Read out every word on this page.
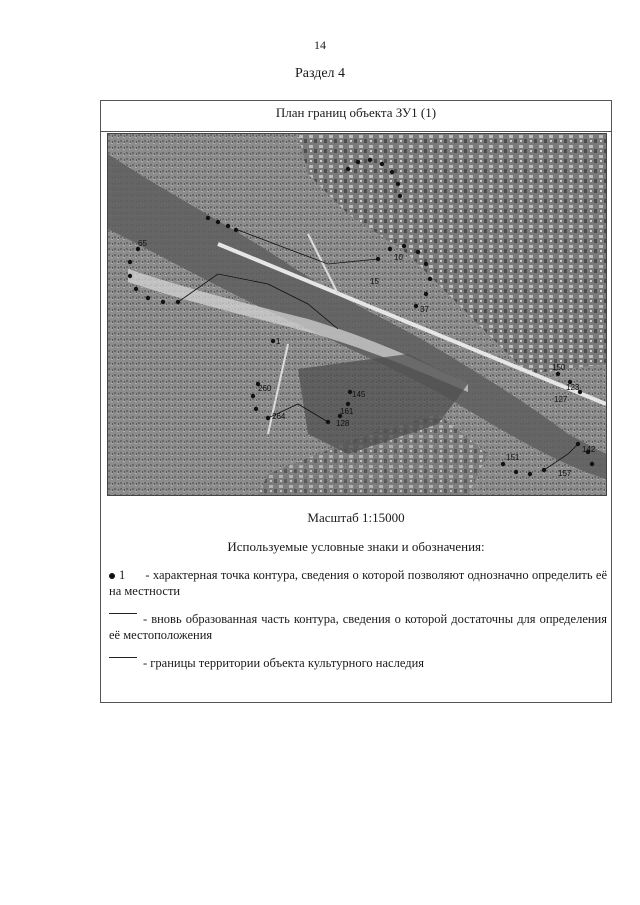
14
Раздел 4
План границ объекта ЗУ1 (1)
65
1
10
15
37
260
264
161
145
128
150
142
157
123
151
127
Масштаб 1:15000
Используемые условные знаки и обозначения:
1 - характерная точка контура, сведения о которой позволяют однозначно определить её на местности
- вновь образованная часть контура, сведения о которой достаточны для определения её местоположения
- границы территории объекта культурного наследия
